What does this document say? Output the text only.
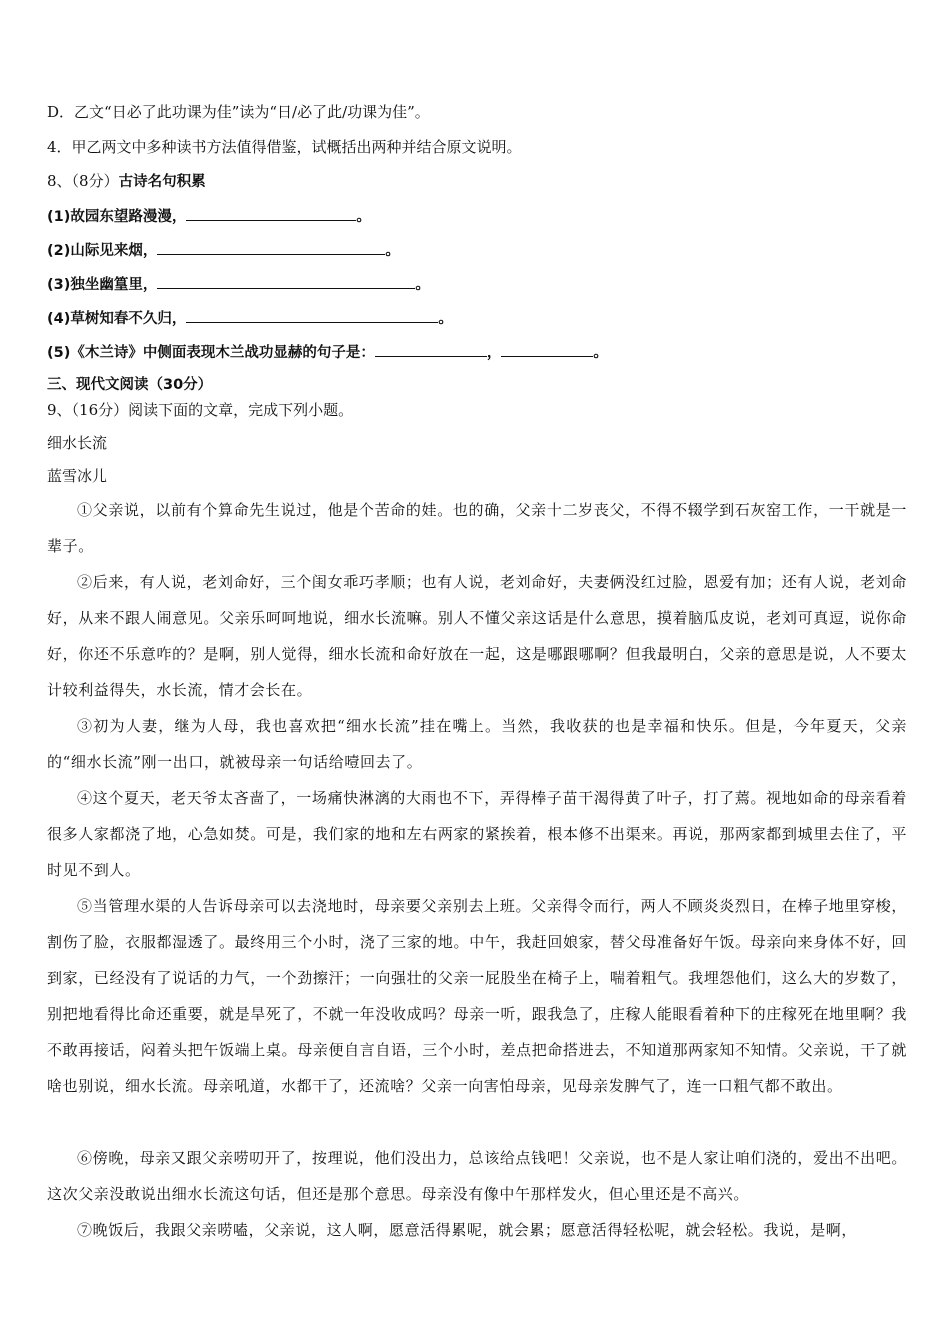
D．乙文“日必了此功课为佳”读为“日/必了此/功课为佳”。
4．甲乙两文中多种读书方法值得借鉴，试概括出两种并结合原文说明。
8、（8分）古诗名句积累
(1)故园东望路漫漫，	。
(2)山际见来烟，	。
(3)独坐幽篁里，	。
(4)草树知春不久归，	。
(5)《木兰诗》中侧面表现木兰战功显赫的句子是：	，	。
三、现代文阅读（30分）
9、（16分）阅读下面的文章，完成下列小题。
细水长流
蓝雪冰儿
①父亲说，以前有个算命先生说过，他是个苦命的娃。也的确，父亲十二岁丧父，不得不辍学到石灰窑工作，一干就是一辈子。
②后来，有人说，老刘命好，三个闺女乖巧孝顺；也有人说，老刘命好，夫妻俩没红过脸，恩爱有加；还有人说，老刘命好，从来不跟人闹意见。父亲乐呵呵地说，细水长流嘛。别人不懂父亲这话是什么意思，摸着脑瓜皮说，老刘可真逗，说你命好，你还不乐意咋的？是啊，别人觉得，细水长流和命好放在一起，这是哪跟哪啊？但我最明白，父亲的意思是说，人不要太计较利益得失，水长流，情才会长在。
③初为人妻，继为人母，我也喜欢把“细水长流”挂在嘴上。当然，我收获的也是幸福和快乐。但是，今年夏天，父亲的“细水长流”刚一出口，就被母亲一句话给噎回去了。
④这个夏天，老天爷太吝啬了，一场痛快淋漓的大雨也不下，弄得棒子苗干渴得黄了叶子，打了蔫。视地如命的母亲看着很多人家都浇了地，心急如焚。可是，我们家的地和左右两家的紧挨着，根本修不出渠来。再说，那两家都到城里去住了，平时见不到人。
⑤当管理水渠的人告诉母亲可以去浇地时，母亲要父亲别去上班。父亲得令而行，两人不顾炎炎烈日，在棒子地里穿梭，割伤了脸，衣服都湿透了。最终用三个小时，浇了三家的地。中午，我赶回娘家，替父母准备好午饭。母亲向来身体不好，回到家，已经没有了说话的力气，一个劲擦汗；一向强壮的父亲一屁股坐在椅子上，喘着粗气。我埋怨他们，这么大的岁数了，别把地看得比命还重要，就是旱死了，不就一年没收成吗？母亲一听，跟我急了，庄稼人能眼看着种下的庄稼死在地里啊？我不敢再接话，闷着头把午饭端上桌。母亲便自言自语，三个小时，差点把命搭进去，不知道那两家知不知情。父亲说，干了就啥也别说，细水长流。母亲吼道，水都干了，还流啥？父亲一向害怕母亲，见母亲发脾气了，连一口粗气都不敢出。
⑥傍晚，母亲又跟父亲唠叨开了，按理说，他们没出力，总该给点钱吧！父亲说，也不是人家让咱们浇的，爱出不出吧。这次父亲没敢说出细水长流这句话，但还是那个意思。母亲没有像中午那样发火，但心里还是不高兴。
⑦晚饭后，我跟父亲唠嗑，父亲说，这人啊，愿意活得累呢，就会累；愿意活得轻松呢，就会轻松。我说，是啊，
